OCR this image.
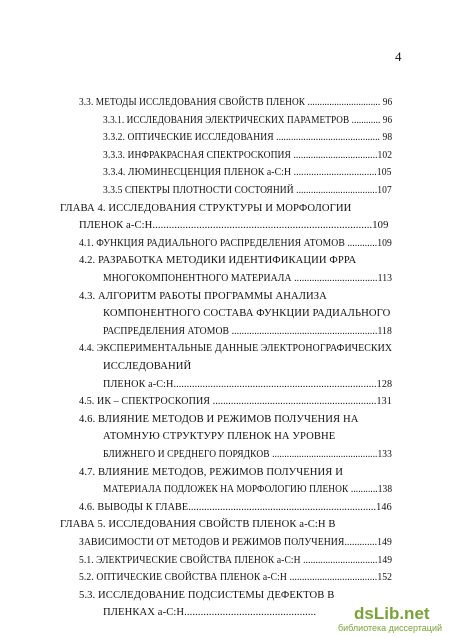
4
3.3. МЕТОДЫ ИССЛЕДОВАНИЯ СВОЙСТВ ПЛЕНОК .............................. 96
3.3.1. ИССЛЕДОВАНИЯ ЭЛЕКТРИЧЕСКИХ ПАРАМЕТРОВ ............ 96
3.3.2. ОПТИЧЕСКИЕ ИССЛЕДОВАНИЯ .......................................... 98
3.3.3. ИНФРАКРАСНАЯ СПЕКТРОСКОПИЯ ..................................102
3.3.4. ЛЮМИНЕСЦЕНЦИЯ ПЛЕНОК a-C:H .................................105
3.3.5 СПЕКТРЫ ПЛОТНОСТИ СОСТОЯНИЙ .................................107
ГЛАВА 4. ИССЛЕДОВАНИЯ СТРУКТУРЫ И МОРФОЛОГИИ
ПЛЕНОК a-C:H................................................................................109
4.1. ФУНКЦИЯ РАДИАЛЬНОГО РАСПРЕДЕЛЕНИЯ АТОМОВ ............109
4.2. РАЗРАБОТКА МЕТОДИКИ ИДЕНТИФИКАЦИИ ФРРА
МНОГОКОМПОНЕНТНОГО МАТЕРИАЛА .................................113
4.3. АЛГОРИТМ РАБОТЫ ПРОГРАММЫ АНАЛИЗА
КОМПОНЕНТНОГО СОСТАВА ФУНКЦИИ РАДИАЛЬНОГО
РАСПРЕДЕЛЕНИЯ АТОМОВ ..........................................................118
4.4. ЭКСПЕРИМЕНТАЛЬНЫЕ ДАННЫЕ ЭЛЕКТРОНОГРАФИЧЕСКИХ
ИССЛЕДОВАНИЙ
ПЛЕНОК a-C:H.............................................................................128
4.5. ИК – СПЕКТРОСКОПИЯ ...............................................................131
4.6. ВЛИЯНИЕ МЕТОДОВ И РЕЖИМОВ ПОЛУЧЕНИЯ НА
АТОМНУЮ СТРУКТУРУ ПЛЕНОК НА УРОВНЕ
БЛИЖНЕГО И СРЕДНЕГО ПОРЯДКОВ ...........................................133
4.7. ВЛИЯНИЕ МЕТОДОВ, РЕЖИМОВ ПОЛУЧЕНИЯ И
МАТЕРИАЛА ПОДЛОЖЕК НА МОРФОЛОГИЮ ПЛЕНОК ...........138
4.6. ВЫВОДЫ К ГЛАВЕ.......................................................................146
ГЛАВА 5. ИССЛЕДОВАНИЯ СВОЙСТВ ПЛЕНОК a-C:H В
ЗАВИСИМОСТИ ОТ МЕТОДОВ И РЕЖИМОВ ПОЛУЧЕНИЯ.............149
5.1. ЭЛЕКТРИЧЕСКИЕ СВОЙСТВА ПЛЕНОК a-C:H ..............................149
5.2. ОПТИЧЕСКИЕ СВОЙСТВА ПЛЕНОК a-C:H ...................................152
5.3. ИССЛЕДОВАНИЕ ПОДСИСТЕМЫ ДЕФЕКТОВ В
ПЛЕНКАХ a-C:H................................................ dsLib.net
библиотека диссертаций
